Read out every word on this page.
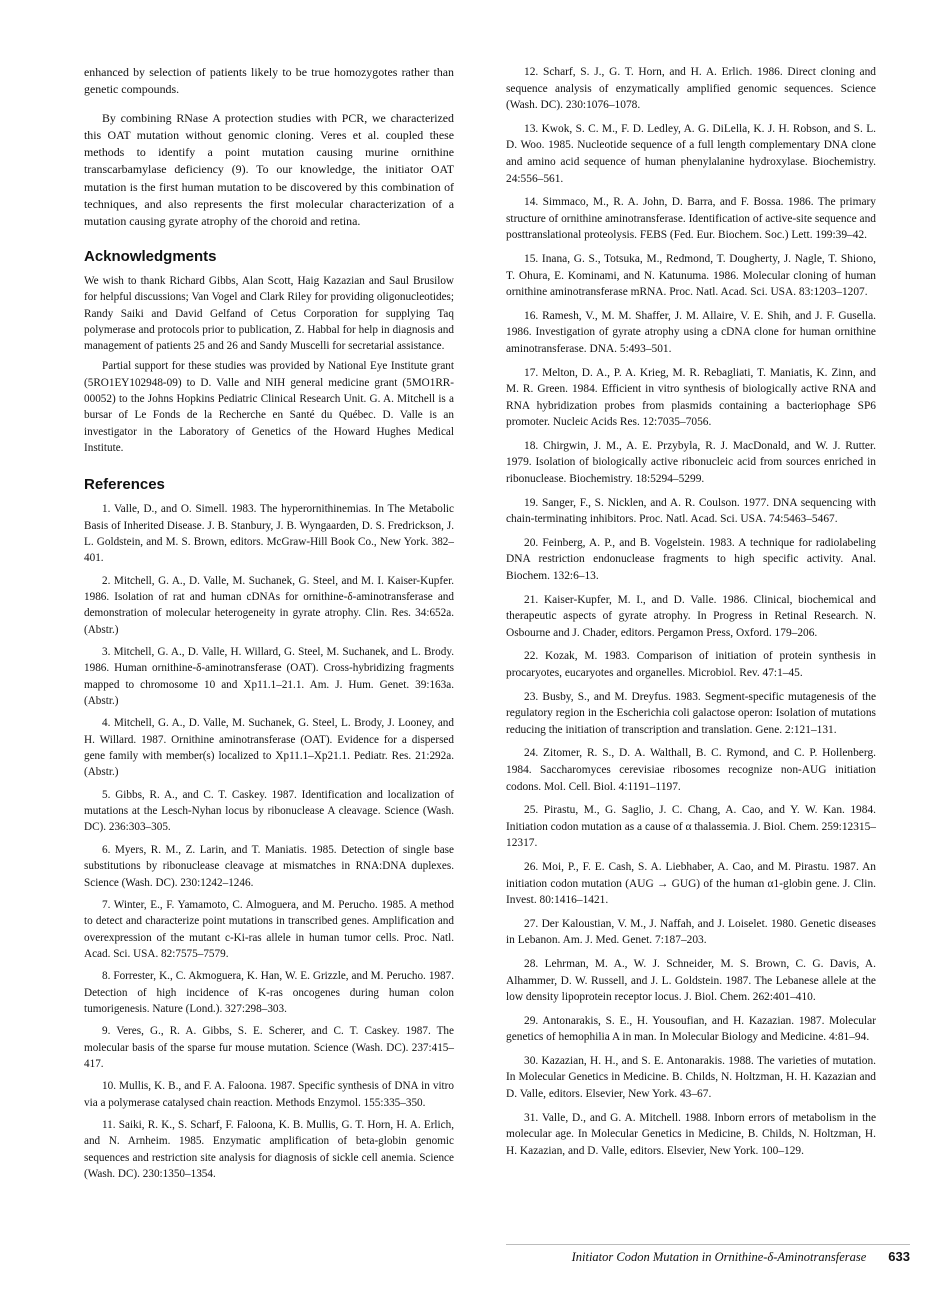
enhanced by selection of patients likely to be true homozygotes rather than genetic compounds.

By combining RNase A protection studies with PCR, we characterized this OAT mutation without genomic cloning. Veres et al. coupled these methods to identify a point mutation causing murine ornithine transcarbamylase deficiency (9). To our knowledge, the initiator OAT mutation is the first human mutation to be discovered by this combination of techniques, and also represents the first molecular characterization of a mutation causing gyrate atrophy of the choroid and retina.

Acknowledgments

We wish to thank Richard Gibbs, Alan Scott, Haig Kazazian and Saul Brusilow for helpful discussions; Van Vogel and Clark Riley for providing oligonucleotides; Randy Saiki and David Gelfand of Cetus Corporation for supplying Taq polymerase and protocols prior to publication, Z. Habbal for help in diagnosis and management of patients 25 and 26 and Sandy Muscelli for secretarial assistance.

Partial support for these studies was provided by National Eye Institute grant (5RO1EY102948-09) to D. Valle and NIH general medicine grant (5MO1RR-00052) to the Johns Hopkins Pediatric Clinical Research Unit. G. A. Mitchell is a bursar of Le Fonds de la Recherche en Santé du Québec. D. Valle is an investigator in the Laboratory of Genetics of the Howard Hughes Medical Institute.

References

1. Valle, D., and O. Simell. 1983. The hyperornithinemias. In The Metabolic Basis of Inherited Disease. J. B. Stanbury, J. B. Wyngaarden, D. S. Fredrickson, J. L. Goldstein, and M. S. Brown, editors. McGraw-Hill Book Co., New York. 382–401.

2. Mitchell, G. A., D. Valle, M. Suchanek, G. Steel, and M. I. Kaiser-Kupfer. 1986. Isolation of rat and human cDNAs for ornithine-δ-aminotransferase and demonstration of molecular heterogeneity in gyrate atrophy. Clin. Res. 34:652a. (Abstr.)

3. Mitchell, G. A., D. Valle, H. Willard, G. Steel, M. Suchanek, and L. Brody. 1986. Human ornithine-δ-aminotransferase (OAT). Cross-hybridizing fragments mapped to chromosome 10 and Xp11.1–21.1. Am. J. Hum. Genet. 39:163a. (Abstr.)

4. Mitchell, G. A., D. Valle, M. Suchanek, G. Steel, L. Brody, J. Looney, and H. Willard. 1987. Ornithine aminotransferase (OAT). Evidence for a dispersed gene family with member(s) localized to Xp11.1–Xp21.1. Pediatr. Res. 21:292a. (Abstr.)

5. Gibbs, R. A., and C. T. Caskey. 1987. Identification and localization of mutations at the Lesch-Nyhan locus by ribonuclease A cleavage. Science (Wash. DC). 236:303–305.

6. Myers, R. M., Z. Larin, and T. Maniatis. 1985. Detection of single base substitutions by ribonuclease cleavage at mismatches in RNA:DNA duplexes. Science (Wash. DC). 230:1242–1246.

7. Winter, E., F. Yamamoto, C. Almoguera, and M. Perucho. 1985. A method to detect and characterize point mutations in transcribed genes. Amplification and overexpression of the mutant c-Ki-ras allele in human tumor cells. Proc. Natl. Acad. Sci. USA. 82:7575–7579.

8. Forrester, K., C. Akmoguera, K. Han, W. E. Grizzle, and M. Perucho. 1987. Detection of high incidence of K-ras oncogenes during human colon tumorigenesis. Nature (Lond.). 327:298–303.

9. Veres, G., R. A. Gibbs, S. E. Scherer, and C. T. Caskey. 1987. The molecular basis of the sparse fur mouse mutation. Science (Wash. DC). 237:415–417.

10. Mullis, K. B., and F. A. Faloona. 1987. Specific synthesis of DNA in vitro via a polymerase catalysed chain reaction. Methods Enzymol. 155:335–350.

11. Saiki, R. K., S. Scharf, F. Faloona, K. B. Mullis, G. T. Horn, H. A. Erlich, and N. Arnheim. 1985. Enzymatic amplification of beta-globin genomic sequences and restriction site analysis for diagnosis of sickle cell anemia. Science (Wash. DC). 230:1350–1354.

12. Scharf, S. J., G. T. Horn, and H. A. Erlich. 1986. Direct cloning and sequence analysis of enzymatically amplified genomic sequences. Science (Wash. DC). 230:1076–1078.

13. Kwok, S. C. M., F. D. Ledley, A. G. DiLella, K. J. H. Robson, and S. L. D. Woo. 1985. Nucleotide sequence of a full length complementary DNA clone and amino acid sequence of human phenylalanine hydroxylase. Biochemistry. 24:556–561.

14. Simmaco, M., R. A. John, D. Barra, and F. Bossa. 1986. The primary structure of ornithine aminotransferase. Identification of active-site sequence and posttranslational proteolysis. FEBS (Fed. Eur. Biochem. Soc.) Lett. 199:39–42.

15. Inana, G. S., Totsuka, M., Redmond, T. Dougherty, J. Nagle, T. Shiono, T. Ohura, E. Kominami, and N. Katunuma. 1986. Molecular cloning of human ornithine aminotransferase mRNA. Proc. Natl. Acad. Sci. USA. 83:1203–1207.

16. Ramesh, V., M. M. Shaffer, J. M. Allaire, V. E. Shih, and J. F. Gusella. 1986. Investigation of gyrate atrophy using a cDNA clone for human ornithine aminotransferase. DNA. 5:493–501.

17. Melton, D. A., P. A. Krieg, M. R. Rebagliati, T. Maniatis, K. Zinn, and M. R. Green. 1984. Efficient in vitro synthesis of biologically active RNA and RNA hybridization probes from plasmids containing a bacteriophage SP6 promoter. Nucleic Acids Res. 12:7035–7056.

18. Chirgwin, J. M., A. E. Przybyla, R. J. MacDonald, and W. J. Rutter. 1979. Isolation of biologically active ribonucleic acid from sources enriched in ribonuclease. Biochemistry. 18:5294–5299.

19. Sanger, F., S. Nicklen, and A. R. Coulson. 1977. DNA sequencing with chain-terminating inhibitors. Proc. Natl. Acad. Sci. USA. 74:5463–5467.

20. Feinberg, A. P., and B. Vogelstein. 1983. A technique for radiolabeling DNA restriction endonuclease fragments to high specific activity. Anal. Biochem. 132:6–13.

21. Kaiser-Kupfer, M. I., and D. Valle. 1986. Clinical, biochemical and therapeutic aspects of gyrate atrophy. In Progress in Retinal Research. N. Osbourne and J. Chader, editors. Pergamon Press, Oxford. 179–206.

22. Kozak, M. 1983. Comparison of initiation of protein synthesis in procaryotes, eucaryotes and organelles. Microbiol. Rev. 47:1–45.

23. Busby, S., and M. Dreyfus. 1983. Segment-specific mutagenesis of the regulatory region in the Escherichia coli galactose operon: Isolation of mutations reducing the initiation of transcription and translation. Gene. 2:121–131.

24. Zitomer, R. S., D. A. Walthall, B. C. Rymond, and C. P. Hollenberg. 1984. Saccharomyces cerevisiae ribosomes recognize non-AUG initiation codons. Mol. Cell. Biol. 4:1191–1197.

25. Pirastu, M., G. Saglio, J. C. Chang, A. Cao, and Y. W. Kan. 1984. Initiation codon mutation as a cause of α thalassemia. J. Biol. Chem. 259:12315–12317.

26. Moi, P., F. E. Cash, S. A. Liebhaber, A. Cao, and M. Pirastu. 1987. An initiation codon mutation (AUG → GUG) of the human α1-globin gene. J. Clin. Invest. 80:1416–1421.

27. Der Kaloustian, V. M., J. Naffah, and J. Loiselet. 1980. Genetic diseases in Lebanon. Am. J. Med. Genet. 7:187–203.

28. Lehrman, M. A., W. J. Schneider, M. S. Brown, C. G. Davis, A. Alhammer, D. W. Russell, and J. L. Goldstein. 1987. The Lebanese allele at the low density lipoprotein receptor locus. J. Biol. Chem. 262:401–410.

29. Antonarakis, S. E., H. Yousoufian, and H. Kazazian. 1987. Molecular genetics of hemophilia A in man. In Molecular Biology and Medicine. 4:81–94.

30. Kazazian, H. H., and S. E. Antonarakis. 1988. The varieties of mutation. In Molecular Genetics in Medicine. B. Childs, N. Holtzman, H. H. Kazazian and D. Valle, editors. Elsevier, New York. 43–67.

31. Valle, D., and G. A. Mitchell. 1988. Inborn errors of metabolism in the molecular age. In Molecular Genetics in Medicine, B. Childs, N. Holtzman, H. H. Kazazian, and D. Valle, editors. Elsevier, New York. 100–129.

Initiator Codon Mutation in Ornithine-δ-Aminotransferase 633
